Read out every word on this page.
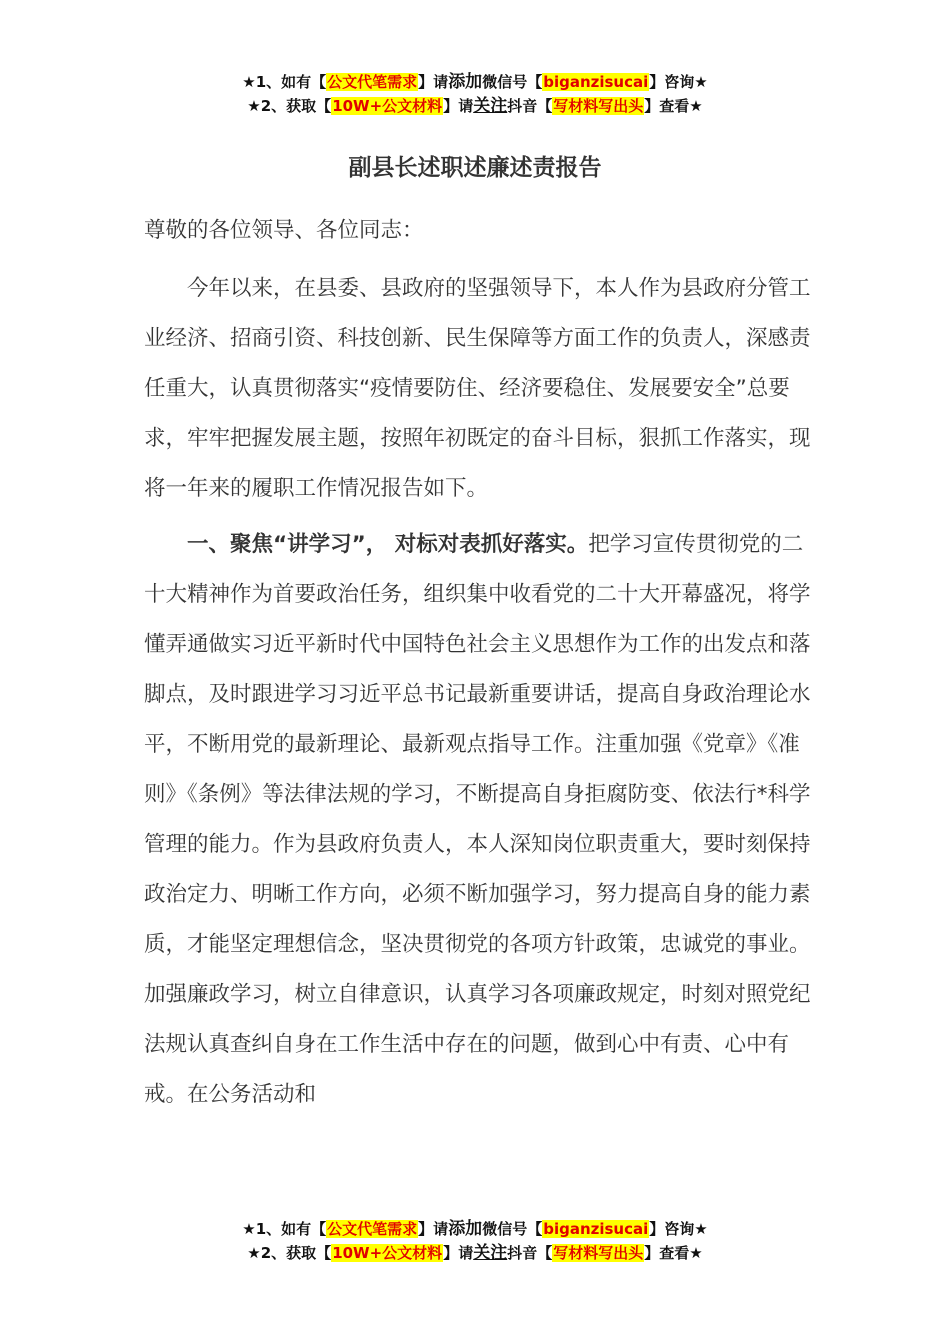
★1、如有【公文代笔需求】请添加微信号【biganzisucai】咨询★
★2、获取【10W+公文材料】请关注抖音【写材料写出头】查看★
副县长述职述廉述责报告
尊敬的各位领导、各位同志：
今年以来，在县委、县政府的坚强领导下，本人作为县政府分管工业经济、招商引资、科技创新、民生保障等方面工作的负责人，深感责任重大，认真贯彻落实“疫情要防住、经济要稳住、发展要安全”总要求，牢牢把握发展主题，按照年初既定的奋斗目标，狠抓工作落实，现将一年来的履职工作情况报告如下。
一、聚焦“讲学习”， 对标对表抓好落实。把学习宣传贯彻党的二十大精神作为首要政治任务，组织集中收看党的二十大开幕盛况，将学懂弄通做实习近平新时代中国特色社会主义思想作为工作的出发点和落脚点，及时跟进学习习近平总书记最新重要讲话，提高自身政治理论水平，不断用党的最新理论、最新观点指导工作。注重加强《党章》《准则》《条例》等法律法规的学习，不断提高自身拒腐防变、依法行*科学管理的能力。作为县政府负责人，本人深知岗位职责重大，要时刻保持政治定力、明晰工作方向，必须不断加强学习，努力提高自身的能力素质，才能坚定理想信念，坚决贯彻党的各项方针政策，忠诚党的事业。加强廉政学习，树立自律意识，认真学习各项廉政规定，时刻对照党纪法规认真查纠自身在工作生活中存在的问题，做到心中有责、心中有戒。在公务活动和
★1、如有【公文代笔需求】请添加微信号【biganzisucai】咨询★
★2、获取【10W+公文材料】请关注抖音【写材料写出头】查看★
